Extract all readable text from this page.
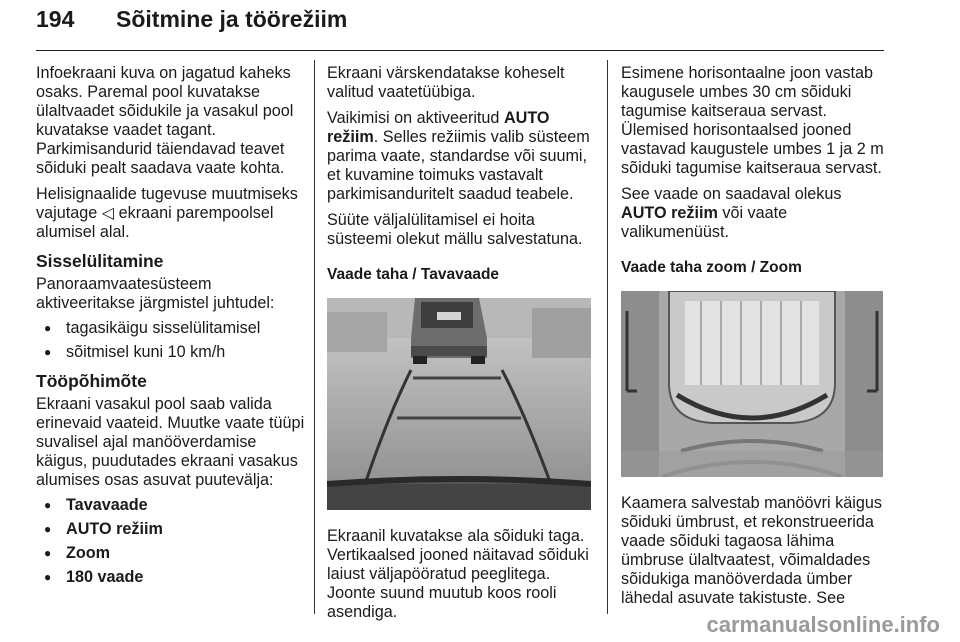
194 Sõitmine ja töörežiim

Infoekraani kuva on jagatud kaheks osaks. Paremal pool kuvatakse ülaltvaadet sõidukile ja vasakul pool kuvatakse vaadet tagant. Parkimisandurid täiendavad teavet sõiduki pealt saadava vaate kohta.

Helisignaalide tugevuse muutmiseks vajutage ◁ ekraani parempoolsel alumisel alal.

Sisselülitamine

Panoraamvaatesüsteem aktiveeritakse järgmistel juhtudel:

● tagasikäigu sisselülitamisel
● sõitmisel kuni 10 km/h
Tööpõhimõte

Ekraani vasakul pool saab valida erinevaid vaateid. Muutke vaate tüüpi suvalisel ajal manööverdamise käigus, puudutades ekraani vasakus alumises osas asuvat puutevälja:

● Tavavaade
● AUTO režiim
● Zoom
● 180 vaade

Ekraani värskendatakse koheselt valitud vaatetüübiga.

Vaikimisi on aktiveeritud AUTO režiim. Selles režiimis valib süsteem parima vaate, standardse või suumi, et kuvamine toimuks vastavalt parkimisanduritelt saadud teabele.

Süüte väljalülitamisel ei hoita süsteemi olekut mällu salvestatuna.

Vaade taha / Tavavaade

Ekraanil kuvatakse ala sõiduki taga. Vertikaalsed jooned näitavad sõiduki laiust väljapööratud peeglitega. Joonte suund muutub koos rooli asendiga.

Esimene horisontaalne joon vastab kaugusele umbes 30 cm sõiduki tagumise kaitseraua servast. Ülemised horisontaalsed jooned vastavad kaugustele umbes 1 ja 2 m sõiduki tagumise kaitseraua servast.

See vaade on saadaval olekus AUTO režiim või vaate valikumenüüst.

Vaade taha zoom / Zoom

Kaamera salvestab manöövri käigus sõiduki ümbrust, et rekonstrueerida vaade sõiduki tagaosa lähima ümbruse ülaltvaatest, võimaldades sõidukiga manööverdada ümber lähedal asuvate takistuste. See

carmanualsonline.info
